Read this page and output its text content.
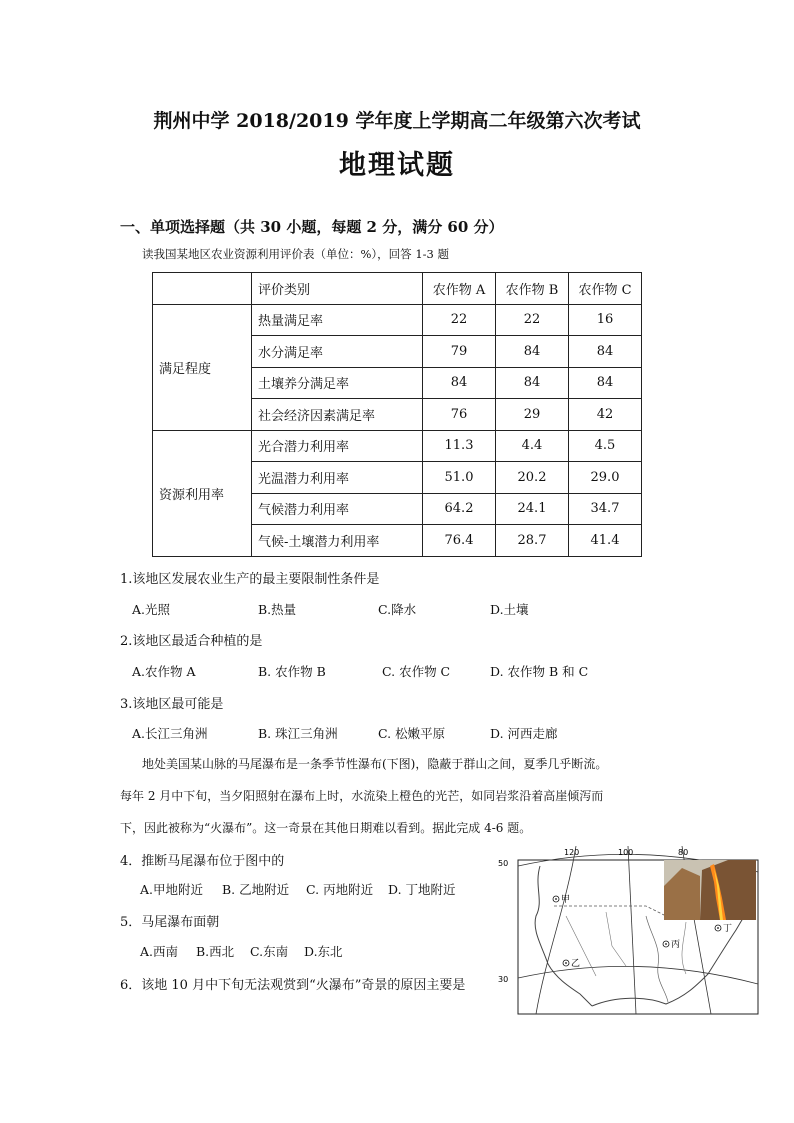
荆州中学 2018/2019 学年度上学期高二年级第六次考试
地理试题
一、单项选择题（共 30 小题，每题 2 分，满分 60 分）
读我国某地区农业资源利用评价表（单位：%），回答 1-3 题
	评价类别	农作物 A	农作物 B	农作物 C
满足程度	热量满足率	22	22	16
	水分满足率	79	84	84
	土壤养分满足率	84	84	84
	社会经济因素满足率	76	29	42
资源利用率	光合潜力利用率	11.3	4.4	4.5
	光温潜力利用率	51.0	20.2	29.0
	气候潜力利用率	64.2	24.1	34.7
	气候-土壤潜力利用率	76.4	28.7	41.4
1.该地区发展农业生产的最主要限制性条件是
A.光照	B.热量	C.降水	D.土壤
2.该地区最适合种植的是
A.农作物 A	B. 农作物 B	C. 农作物 C	D. 农作物 B 和 C
3.该地区最可能是
A.长江三角洲	B. 珠江三角洲	C. 松嫩平原	D. 河西走廊
地处美国某山脉的马尾瀑布是一条季节性瀑布(下图)，隐蔽于群山之间，夏季几乎断流。
每年 2 月中下旬，当夕阳照射在瀑布上时，水流染上橙色的光芒，如同岩浆沿着高崖倾泻而
下，因此被称为“火瀑布”。这一奇景在其他日期难以看到。据此完成 4-6 题。
4．推断马尾瀑布位于图中的
A.甲地附近 B. 乙地附近 C. 丙地附近 D. 丁地附近
5．马尾瀑布面朝
A.西南 B.西北 C.东南 D.东北
6．该地 10 月中下旬无法观赏到“火瀑布”奇景的原因主要是
甲
乙
丙
丁
120	100	80
50
30
